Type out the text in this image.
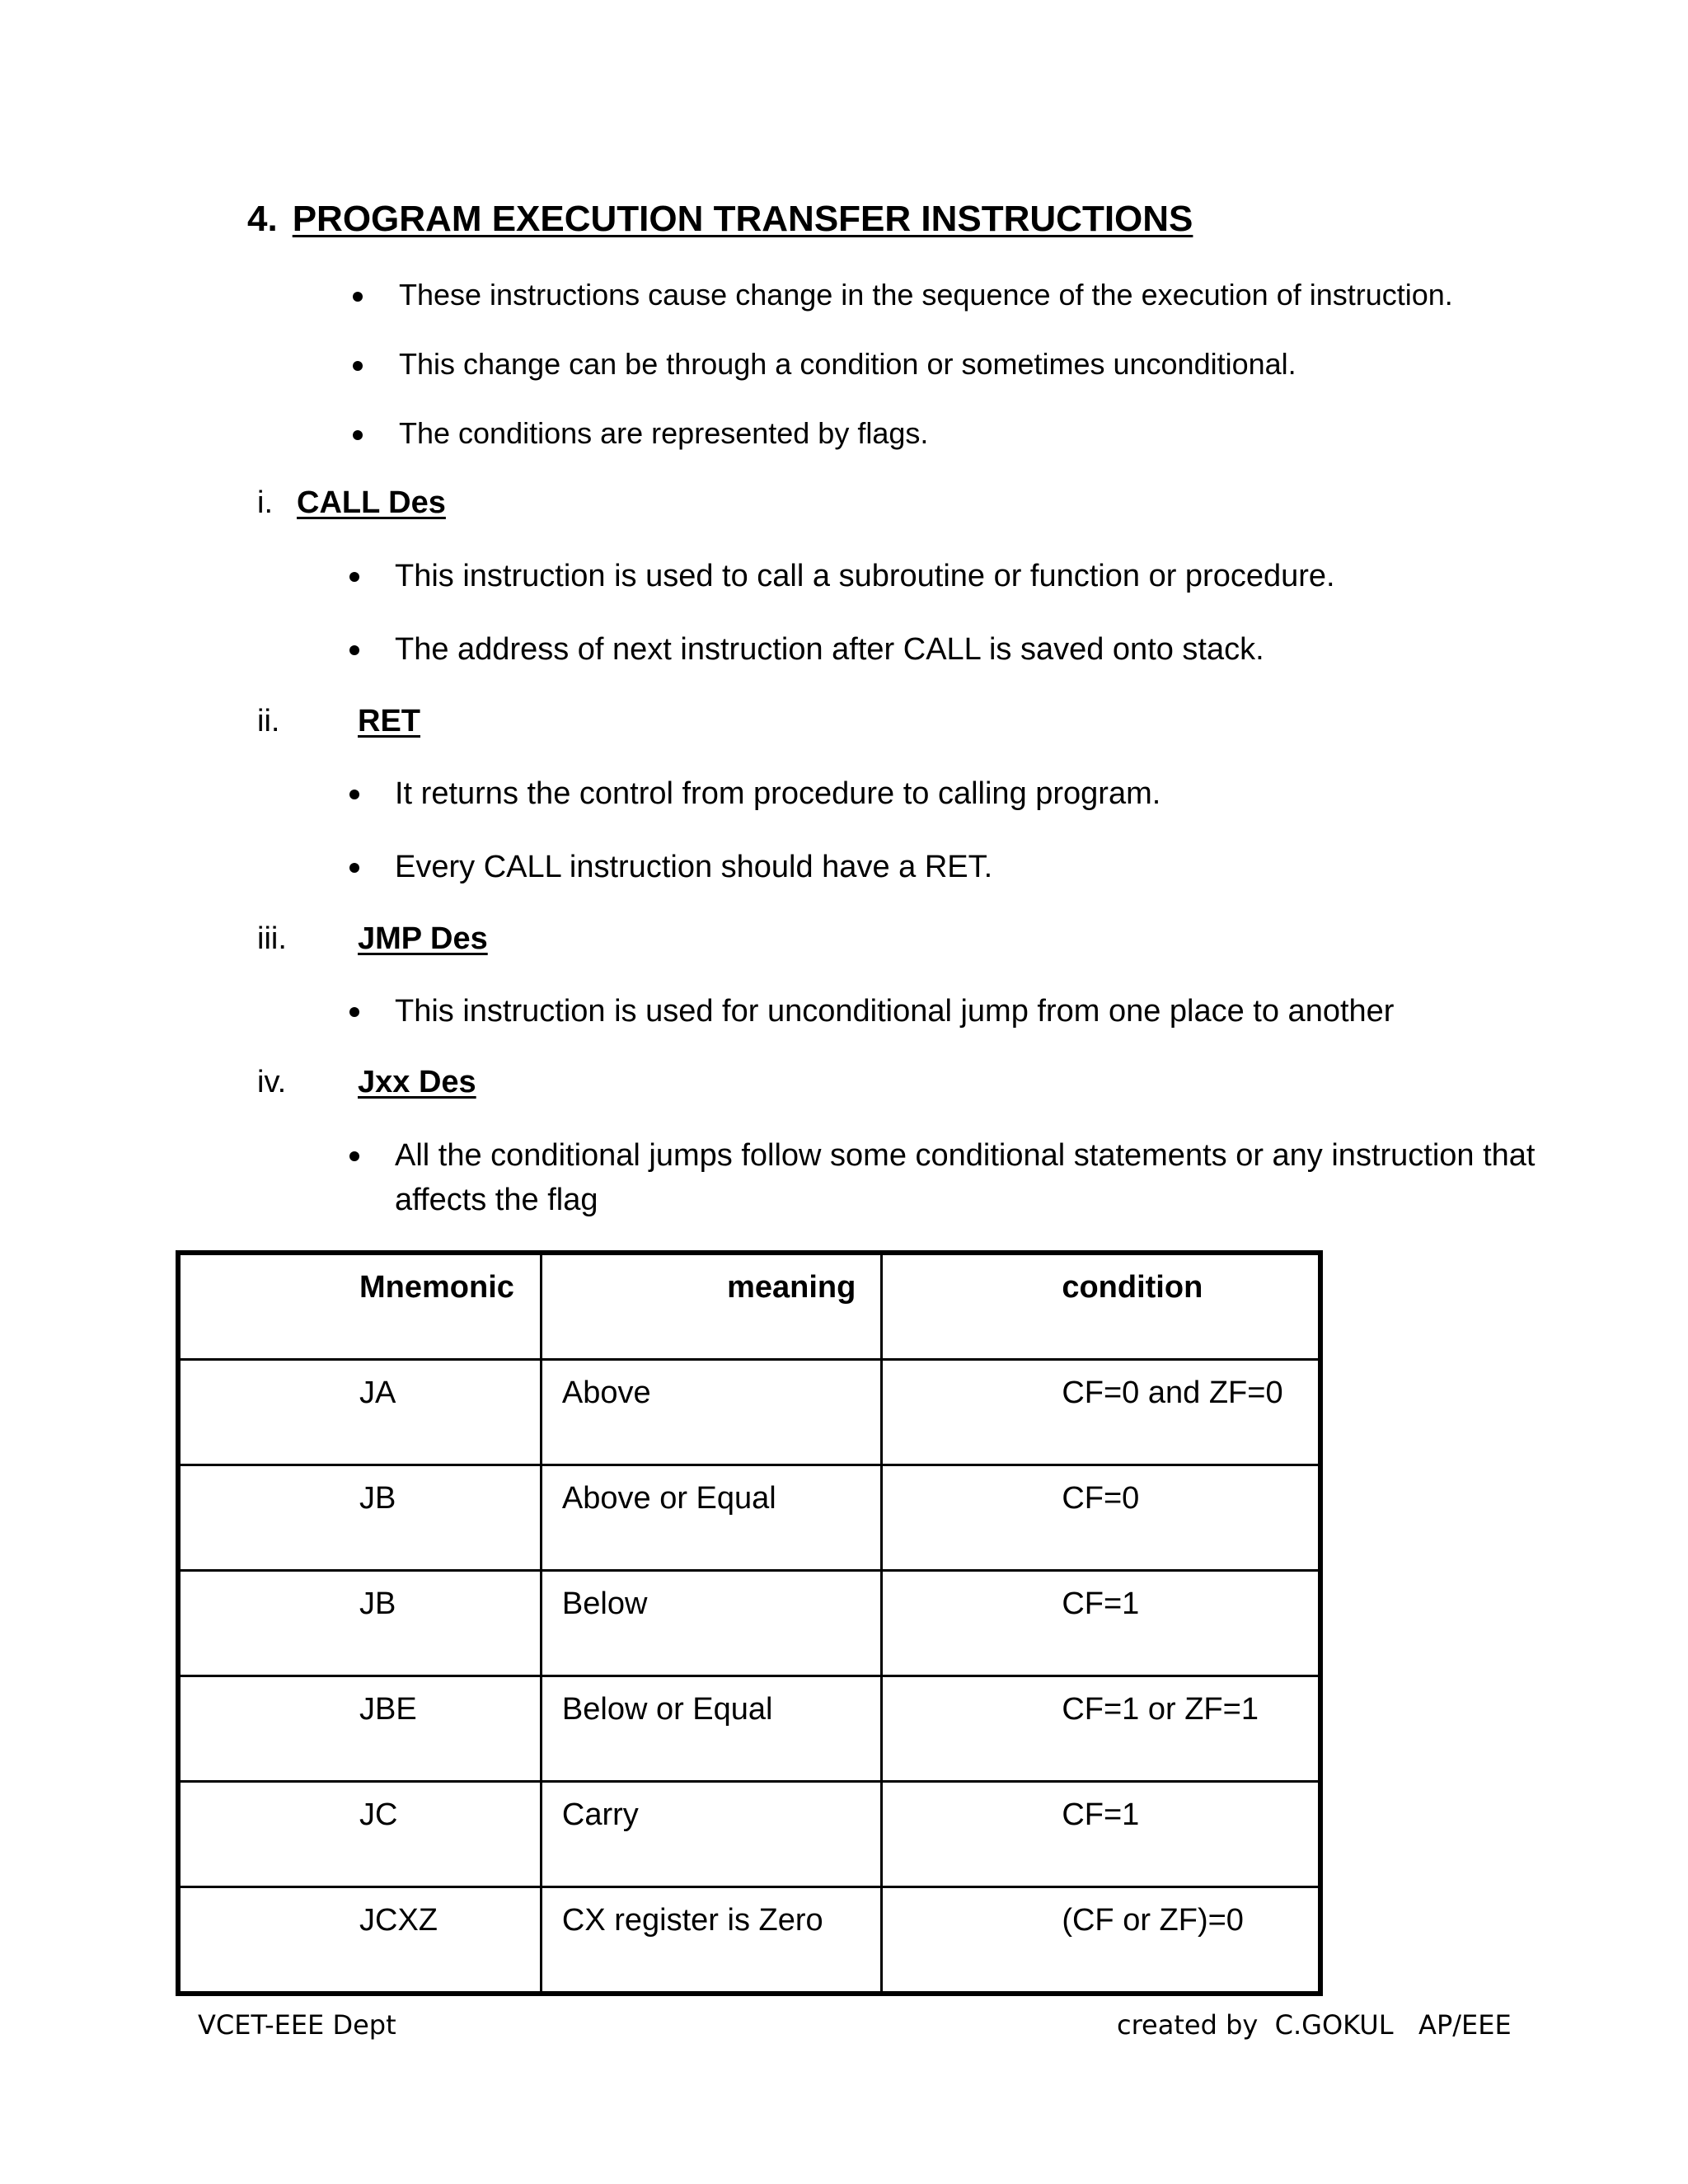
4. PROGRAM EXECUTION TRANSFER INSTRUCTIONS
These instructions cause change in the sequence of the execution of instruction.
This change can be through a condition or sometimes unconditional.
The conditions are represented by flags.
i. CALL Des
This instruction is used to call a subroutine or function or procedure.
The address of next instruction after CALL is saved onto stack.
ii. RET
It returns the control from procedure to calling program.
Every CALL instruction should have a RET.
iii. JMP Des
This instruction is used for unconditional jump from one place to another
iv. Jxx Des
All the conditional jumps follow some conditional statements or any instruction that affects the flag
Mnemonic	meaning	condition

JA	Above	CF=0 and ZF=0

JB	Above or Equal	CF=0

JB	Below	CF=1

JBE	Below or Equal	CF=1 or ZF=1

JC	Carry	CF=1

JCXZ	CX register is Zero	(CF or ZF)=0
VCET-EEE Dept	created by  C.GOKUL   AP/EEE
